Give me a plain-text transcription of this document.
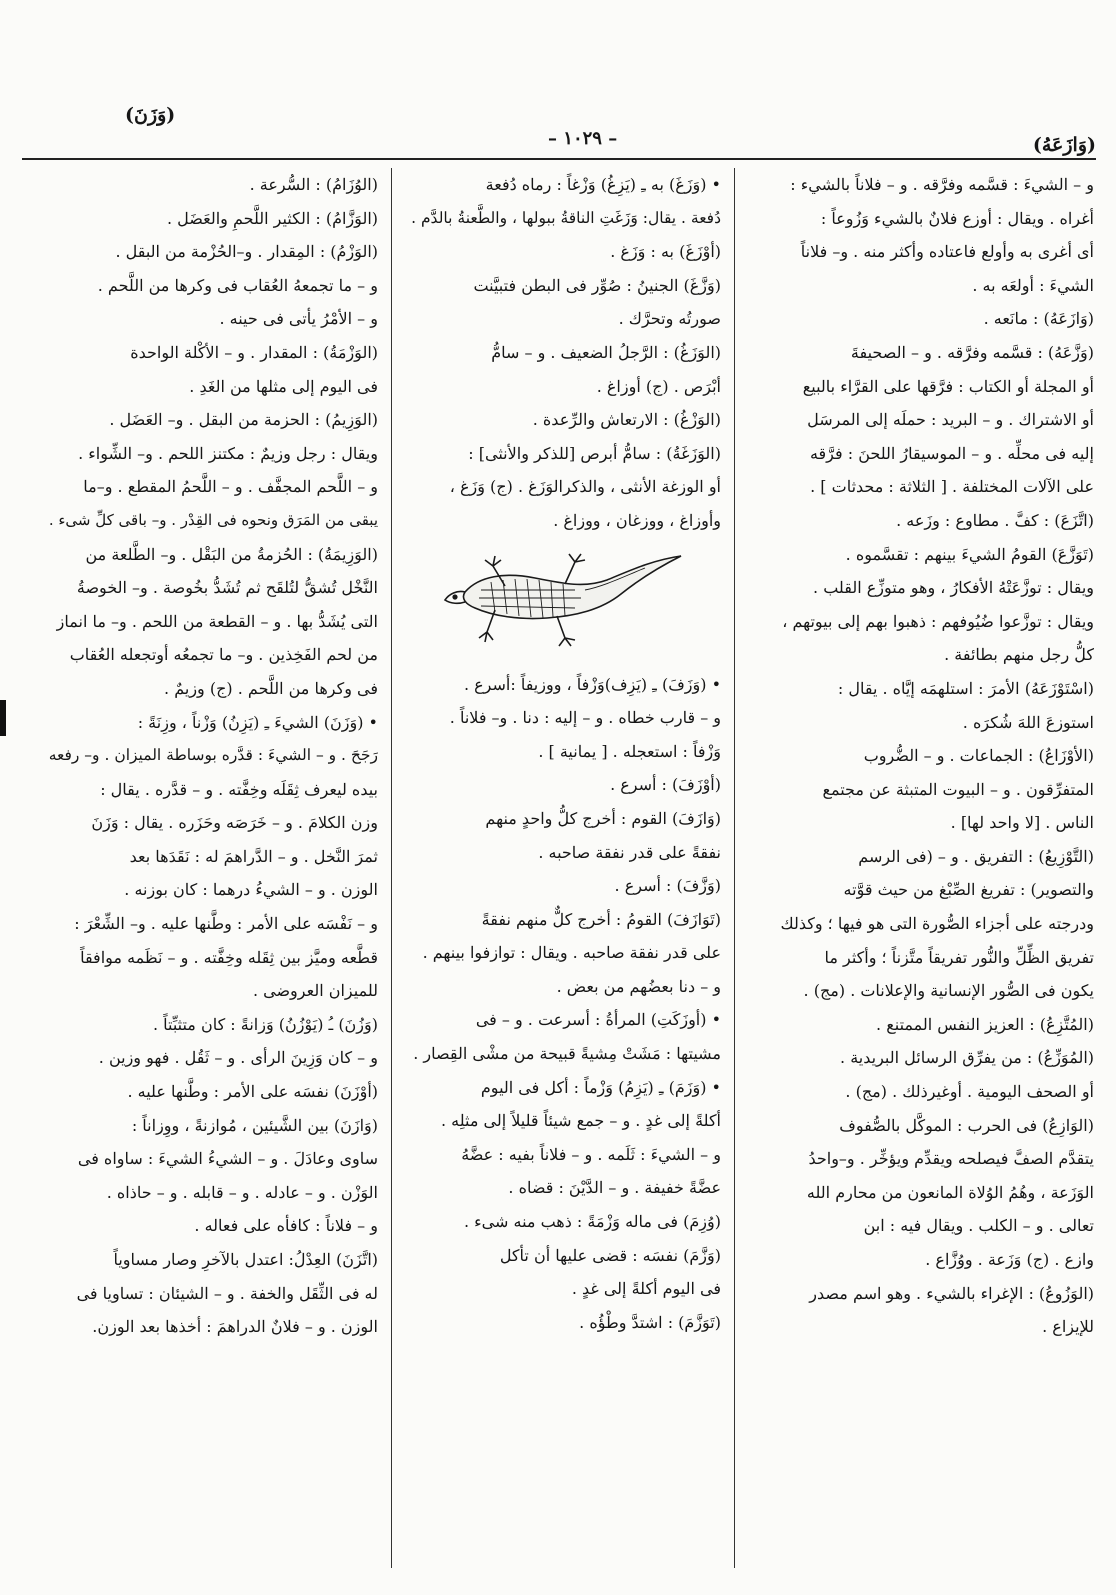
(وَزَنَ)
– ١٠٢٩ –	(وَازَعَهُ)
و – الشيءَ : قسَّمه وفرَّقه . و – فلاناً بالشيء :
أغراه . ويقال : أوزع فلانٌ بالشيء وَزُوعاً :
أى أغرى به وأولع فاعتاده وأكثر منه . و– فلاناً
الشيءَ : أولعَه به .
(وَازَعَهُ) : مانَعه .
(وَزَّعَهُ) : قسَّمه وفرَّقه . و – الصحيفةَ
أو المجلة أو الكتاب : فرَّقها على القرَّاء بالبيع
أو الاشتراك . و – البريد : حملَه إلى المرسَل
إليه فى محلِّه . و – الموسيقارُ اللحنَ : فرَّقه
على الآلات المختلفة . [ الثلاثة : محدثات ] .
(اتَّزَعَ) : كفَّ . مطاوع : وزَعه .
(تَوَزَّعَ) القومُ الشيءَ بينهم : تقسَّموه .
ويقال : توزَّعَتْهُ الأفكارُ ، وهو متوزِّع القلب .
ويقال : توزَّعوا ضُيُوفهم : ذهبوا بهم إلى بيوتهم ،
كلُّ رجل منهم بطائفة .
(اسْتَوْزَعَهُ) الأمرَ : استلهمَه إيَّاه . يقال :
استوزعَ اللهَ شُكرَه .
(الأوْزَاعُ) : الجماعات . و – الضُّروب
المتفرِّقون . و – البيوت المتبثة عن مجتمع
الناس . [لا واحد لها] .
(التَّوْزِيعُ) : التفريق . و – (فى الرسم
والتصوير) : تفريغ الصِّبْغ من حيث قوَّته
ودرجته على أجزاء الصُّورة التى هو فيها ؛ وكذلك
تفريق الظِّلِّ والنُّور تفريقاً متَّزناً ؛ وأكثر ما
يكون فى الصُّور الإنسانية والإعلانات . (مج) .
(المُتَّزِعُ) : العزيز النفس الممتنع .
(المُوَزِّعُ) : من يفرِّق الرسائل البريدية .
أو الصحف اليومية . أوغيرذلك . (مج) .
(الوَازِعُ) فى الحرب : الموكَّل بالصُّفوف
يتقدَّم الصفَّ فيصلحه ويقدِّم ويؤخِّر . و–واحدُ
الوَزَعة ، وهُمُ الوُلاة المانعون من محارم الله
تعالى . و – الكلب . ويقال فيه : ابن
وازع . (ج) وَزَعة . ووُزَّاع .
(الوَزُوعُ) : الإغراء بالشيء . وهو اسم مصدر
للإيزاع .
• (وَزَغَ) به ـِ (يَزِغُ) وَزْغاً : رماه دُفعة
دُفعة . يقال: وَزَغَتِ الناقةُ ببولها ، والطَّعنةُ بالدَّم .
(أوْزَغَ) به : وَزَغ .
(وَزَّغَ) الجنينُ : صُوِّر فى البطن فتبيَّنت
صورتُه وتحرَّك .
(الوَزَغُ) : الرَّجلُ الضعيف . و – سامُّ
أبْرَص . (ج) أوزاغ .
(الوَزْغُ) : الارتعاش والرِّعدة .
(الوَزَغَةُ) : سامُّ أبرص [للذكر والأنثى] :
أو الوزغة الأنثى ، والذكرالوَزَغ . (ج) وَزَغ ،
وأوزاغ ، ووزغان ، ووزاغ .
• (وَزَفَ) ـِ (يَزِف)وَزْفاً ، ووزيفاً :أسرع .
و – قارب خطاه . و – إليه : دنا . و– فلاناً .
وَزْفاً : استعجله . [ يمانية ] .
(أوْزَفَ) : أسرع .
(وَازَفَ) القوم : أخرج كلُّ واحدٍ منهم
نفقةً على قدر نفقة صاحبه .
(وَزَّفَ) : أسرع .
(تَوَازَفَ) القومُ : أخرج كلٌّ منهم نفقةً
على قدر نفقة صاحبه . ويقال : توازفوا بينهم .
و – دنا بعضُهم من بعض .
• (أوزَكَتِ) المرأةُ : أسرعت . و – فى
مشيتها : مَشَتْ مِشيةً قبيحة من مشْى القِصار .
• (وَزَمَ) ـِ (يَزِمُ) وَزْماً : أكل فى اليوم
أكلةً إلى غدٍ . و – جمع شيئاً قليلاً إلى مثلِه .
و – الشيءَ : ثَلَمه . و – فلاناً بفيه : عضَّهُ
عضَّةً خفيفة . و – الدَّيْنَ : قضاه .
(وُزِمَ) فى ماله وَزْمَةً : ذهب منه شىء .
(وَزَّمَ) نفسَه : قضى عليها أن تأكل
فى اليوم أكلةً إلى غدٍ .
(تَوَزَّمَ) : اشتدَّ وطْؤُه .
(الوُزَامُ) : السُّرعة .
(الوَزَّامُ) : الكثير اللَّحمِ والعَضَل .
(الوَزْمُ) : المِقدار . و–الحُزْمة من البقل .
و – ما تجمعهُ العُقاب فى وكرها من اللَّحم .
و – الأمْرُ يأتى فى حينه .
(الوَزْمَةُ) : المقدار . و – الأكْلة الواحدة
فى اليوم إلى مثلها من الغَدِ .
(الوَزِيمُ) : الحزمة من البقل . و– العَضَل .
ويقال : رجل وزيمٌ : مكتنز اللحم . و– الشِّواء .
و – اللَّحم المجفَّف . و – اللَّحمُ المقطع . و–ما
يبقى من المَرَق ونحوه فى القِدْر . و– باقى كلِّ شىء .
(الوَزِيمَةُ) : الحُزمةُ من البَقْل . و– الطَّلعة من
النَّخْل تُشقُّ لتُلقَح ثم تُشَدُّ بخُوصة . و– الخوصةُ
التى يُشَدُّ بها . و – القطعة من اللحم . و– ما انماز
من لحم الفَخِذين . و– ما تجمعُه أوتجعله العُقاب
فى وكرها من اللَّحم . (ج) وزيمٌ .
• (وَزَنَ) الشيءَ ـِ (يَزِنُ) وَزْناً ، وزِنَةً :
رَجَحَ . و – الشيءَ : قدَّره بوساطة الميزان . و– رفعه
بيده ليعرف ثِقَلَه وخِفَّته . و – قدَّره . يقال :
وزن الكلامَ . و – خَرَصَه وحَزَره . يقال : وَزَنَ
ثمرَ النَّخل . و – الدَّراهمَ له : نَقَدَها بعد
الوزن . و – الشيءُ درهما : كان بوزنه .
و – نَفْسَه على الأمر : وطَّنها عليه . و– الشِّعْرَ :
قطَّعه وميَّز بين ثِقَله وخِفَّته . و – نَظَمه موافقاً
للميزان العروضى .
(وَزُنَ) ـُ (يَوْزُنُ) وَزانةً : كان متثبِّتاً .
و – كان وَزِينَ الرأى . و – ثَقُل . فهو وزين .
(أوْزَنَ) نفسَه على الأمر : وطَّنها عليه .
(وَازَنَ) بين الشَّيئين ، مُوازنةً ، ووِزاناً :
ساوى وعادَلَ . و – الشيءُ الشيءَ : ساواه فى
الوَزْن . و – عادله . و – قابله . و – حاذاه .
و – فلاناً : كافأه على فعاله .
(اتَّزَنَ) العِدْلُ: اعتدل بالآخرِ وصار مساوياً
له فى الثِّقَل والخفة . و – الشيئان : تساويا فى
الوزن . و – فلانٌ الدراهمَ : أخذها بعد الوزن.
